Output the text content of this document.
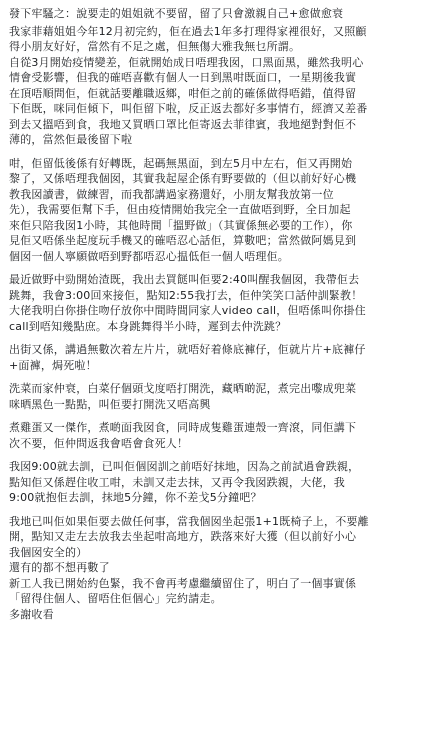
發下牢騷之：說要走的姐姐就不要留，留了只會激親自己+愈做愈衰

我家菲藉姐姐今年12月初完約，佢在過去1年多打理得家裡很好，又照顧
得小朋友好好，當然有不足之處，但無傷大雅我無乜所謂。
自從3月開始疫情變差，佢就開始成日唔理我囡，口黑面黑，雖然我明心
情會受影響，但我的確唔喜歡有個人一日到黑咁既面口，一星期後我實
在頂唔順問佢，佢就話要離職返鄉，咁佢之前的確係做得唔錯，值得留
下佢既，咪同佢傾下，叫佢留下啦，反正返去都好多事情冇，經濟又差番
到去又搵唔到食，我地又買晒口罩比佢寄返去菲律賓，我地絕對對佢不
薄的，當然佢最後留下啦

咁，佢留低後係有好轉既，起碼無黑面，到左5月中左右，佢又再開始
黎了，又係唔理我個囡，其實我起屋企係有野要做的（但以前好好心機
教我囡讀書，做練習，而我都講過家務還好，小朋友幫我放第一位
先），我需要佢幫下手，但由疫情開始我完全一直做唔到野，全日加起
來佢只陪我囡1小時，其他時間「搵野做」（其實係無必要的工作），你
見佢又唔係坐起度玩手機又的確唔忍心話佢，算數吧；當然做阿媽見到
個囡一個人寧願做唔到野都唔忍心揾低佢一個人唔理佢。

最近做野中勁開始渣既，我出去買餸叫佢要2:40叫醒我個囡，我帶佢去
跳舞，我會3:00回來接佢，點知2:55我打去，佢仲笑笑口話仲訓緊教！
大佬我明白你掛住吻仔放你中間時間同家人video call，但唔係叫你掛住
call到唔知幾點庶。本身跳舞得半小時，遲到去仲洗跳？

出街又係，講過無數次着左片片，就唔好着條底褲仔，佢就片片+底褲仔
+面褲，焗死啦！

洗菜而家仲衰，白菜仔個頭戈度唔打開洗，藏晒啲泥，煮完出嚟成兜菜
咪晒黑色一點點，叫佢要打開洗又唔高興

煮雞蛋又一傑作，煮啲面我囡食，同時成隻雞蛋連殼一齊滾，同佢講下
次不要，佢仲問返我會唔會食死人！

我囡9:00就去訓，已叫佢個囡訓之前唔好抹地，因為之前試過會跌親，
點知佢又係趕住收工咁，未訓又走去抹，又再令我囡跌親，大佬，我
9:00就抱佢去訓，抹地5分鐘，你不差戈5分鐘吧？

我地已叫佢如果佢要去做任何事，當我個囡坐起張1+1既椅子上，不要離
開，點知又走左去放我去坐起咁高地方，跌落來好大獲（但以前好小心
我個囡安全的）
還有的都不想再數了
新工人我已開始約色緊，我不會再考慮繼續留住了，明白了一個事實係
「留得住個人、留唔住佢個心」完約請走。
多謝收看
